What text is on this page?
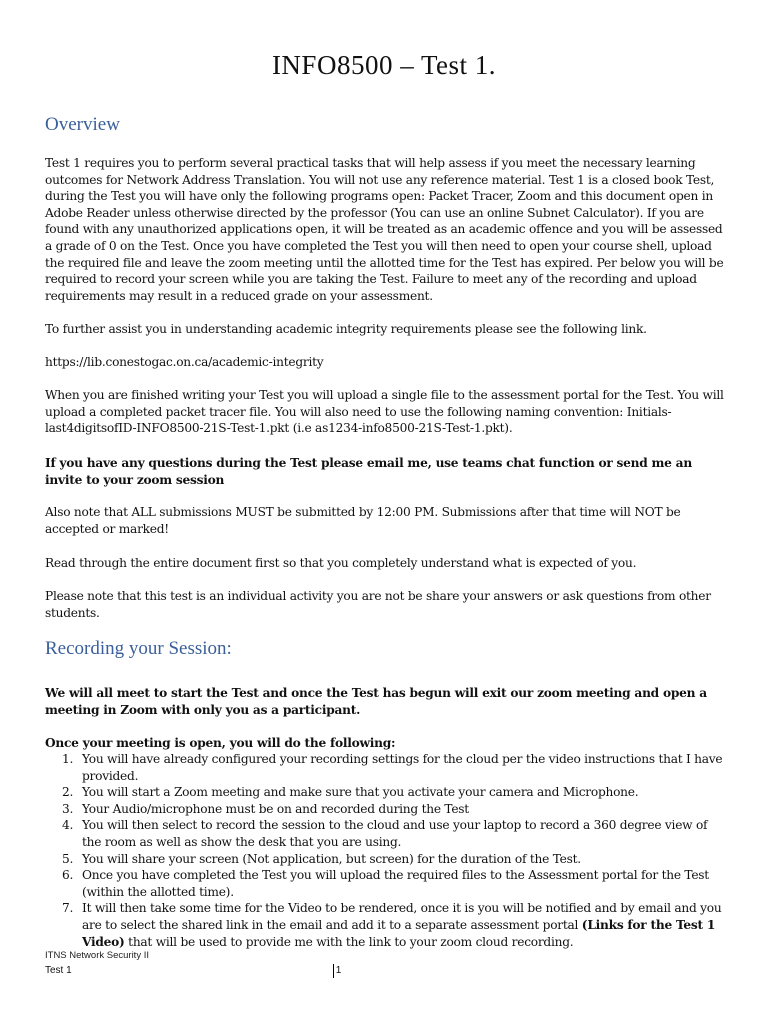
INFO8500 – Test 1.
Overview

Test 1 requires you to perform several practical tasks that will help assess if you meet the necessary learning outcomes for Network Address Translation. You will not use any reference material. Test 1 is a closed book Test, during the Test you will have only the following programs open: Packet Tracer, Zoom and this document open in Adobe Reader unless otherwise directed by the professor (You can use an online Subnet Calculator). If you are found with any unauthorized applications open, it will be treated as an academic offence and you will be assessed a grade of 0 on the Test. Once you have completed the Test you will then need to open your course shell, upload the required file and leave the zoom meeting until the allotted time for the Test has expired. Per below you will be required to record your screen while you are taking the Test. Failure to meet any of the recording and upload requirements may result in a reduced grade on your assessment.

To further assist you in understanding academic integrity requirements please see the following link.

https://lib.conestogac.on.ca/academic-integrity

When you are finished writing your Test you will upload a single file to the assessment portal for the Test. You will upload a completed packet tracer file. You will also need to use the following naming convention: Initials-last4digitsofID-INFO8500-21S-Test-1.pkt (i.e as1234-info8500-21S-Test-1.pkt).

If you have any questions during the Test please email me, use teams chat function or send me an invite to your zoom session

Also note that ALL submissions MUST be submitted by 12:00 PM. Submissions after that time will NOT be accepted or marked!

Read through the entire document first so that you completely understand what is expected of you.

Please note that this test is an individual activity you are not be share your answers or ask questions from other students.

Recording your Session:

We will all meet to start the Test and once the Test has begun will exit our zoom meeting and open a meeting in Zoom with only you as a participant.

Once your meeting is open, you will do the following:

1. You will have already configured your recording settings for the cloud per the video instructions that I have provided.
2. You will start a Zoom meeting and make sure that you activate your camera and Microphone.
3. Your Audio/microphone must be on and recorded during the Test
4. You will then select to record the session to the cloud and use your laptop to record a 360 degree view of the room as well as show the desk that you are using.
5. You will share your screen (Not application, but screen) for the duration of the Test.
6. Once you have completed the Test you will upload the required files to the Assessment portal for the Test (within the allotted time).
7. It will then take some time for the Video to be rendered, once it is you will be notified and by email and you are to select the shared link in the email and add it to a separate assessment portal (Links for the Test 1 Video) that will be used to provide me with the link to your zoom cloud recording.
ITNS Network Security II
Test 1	1
